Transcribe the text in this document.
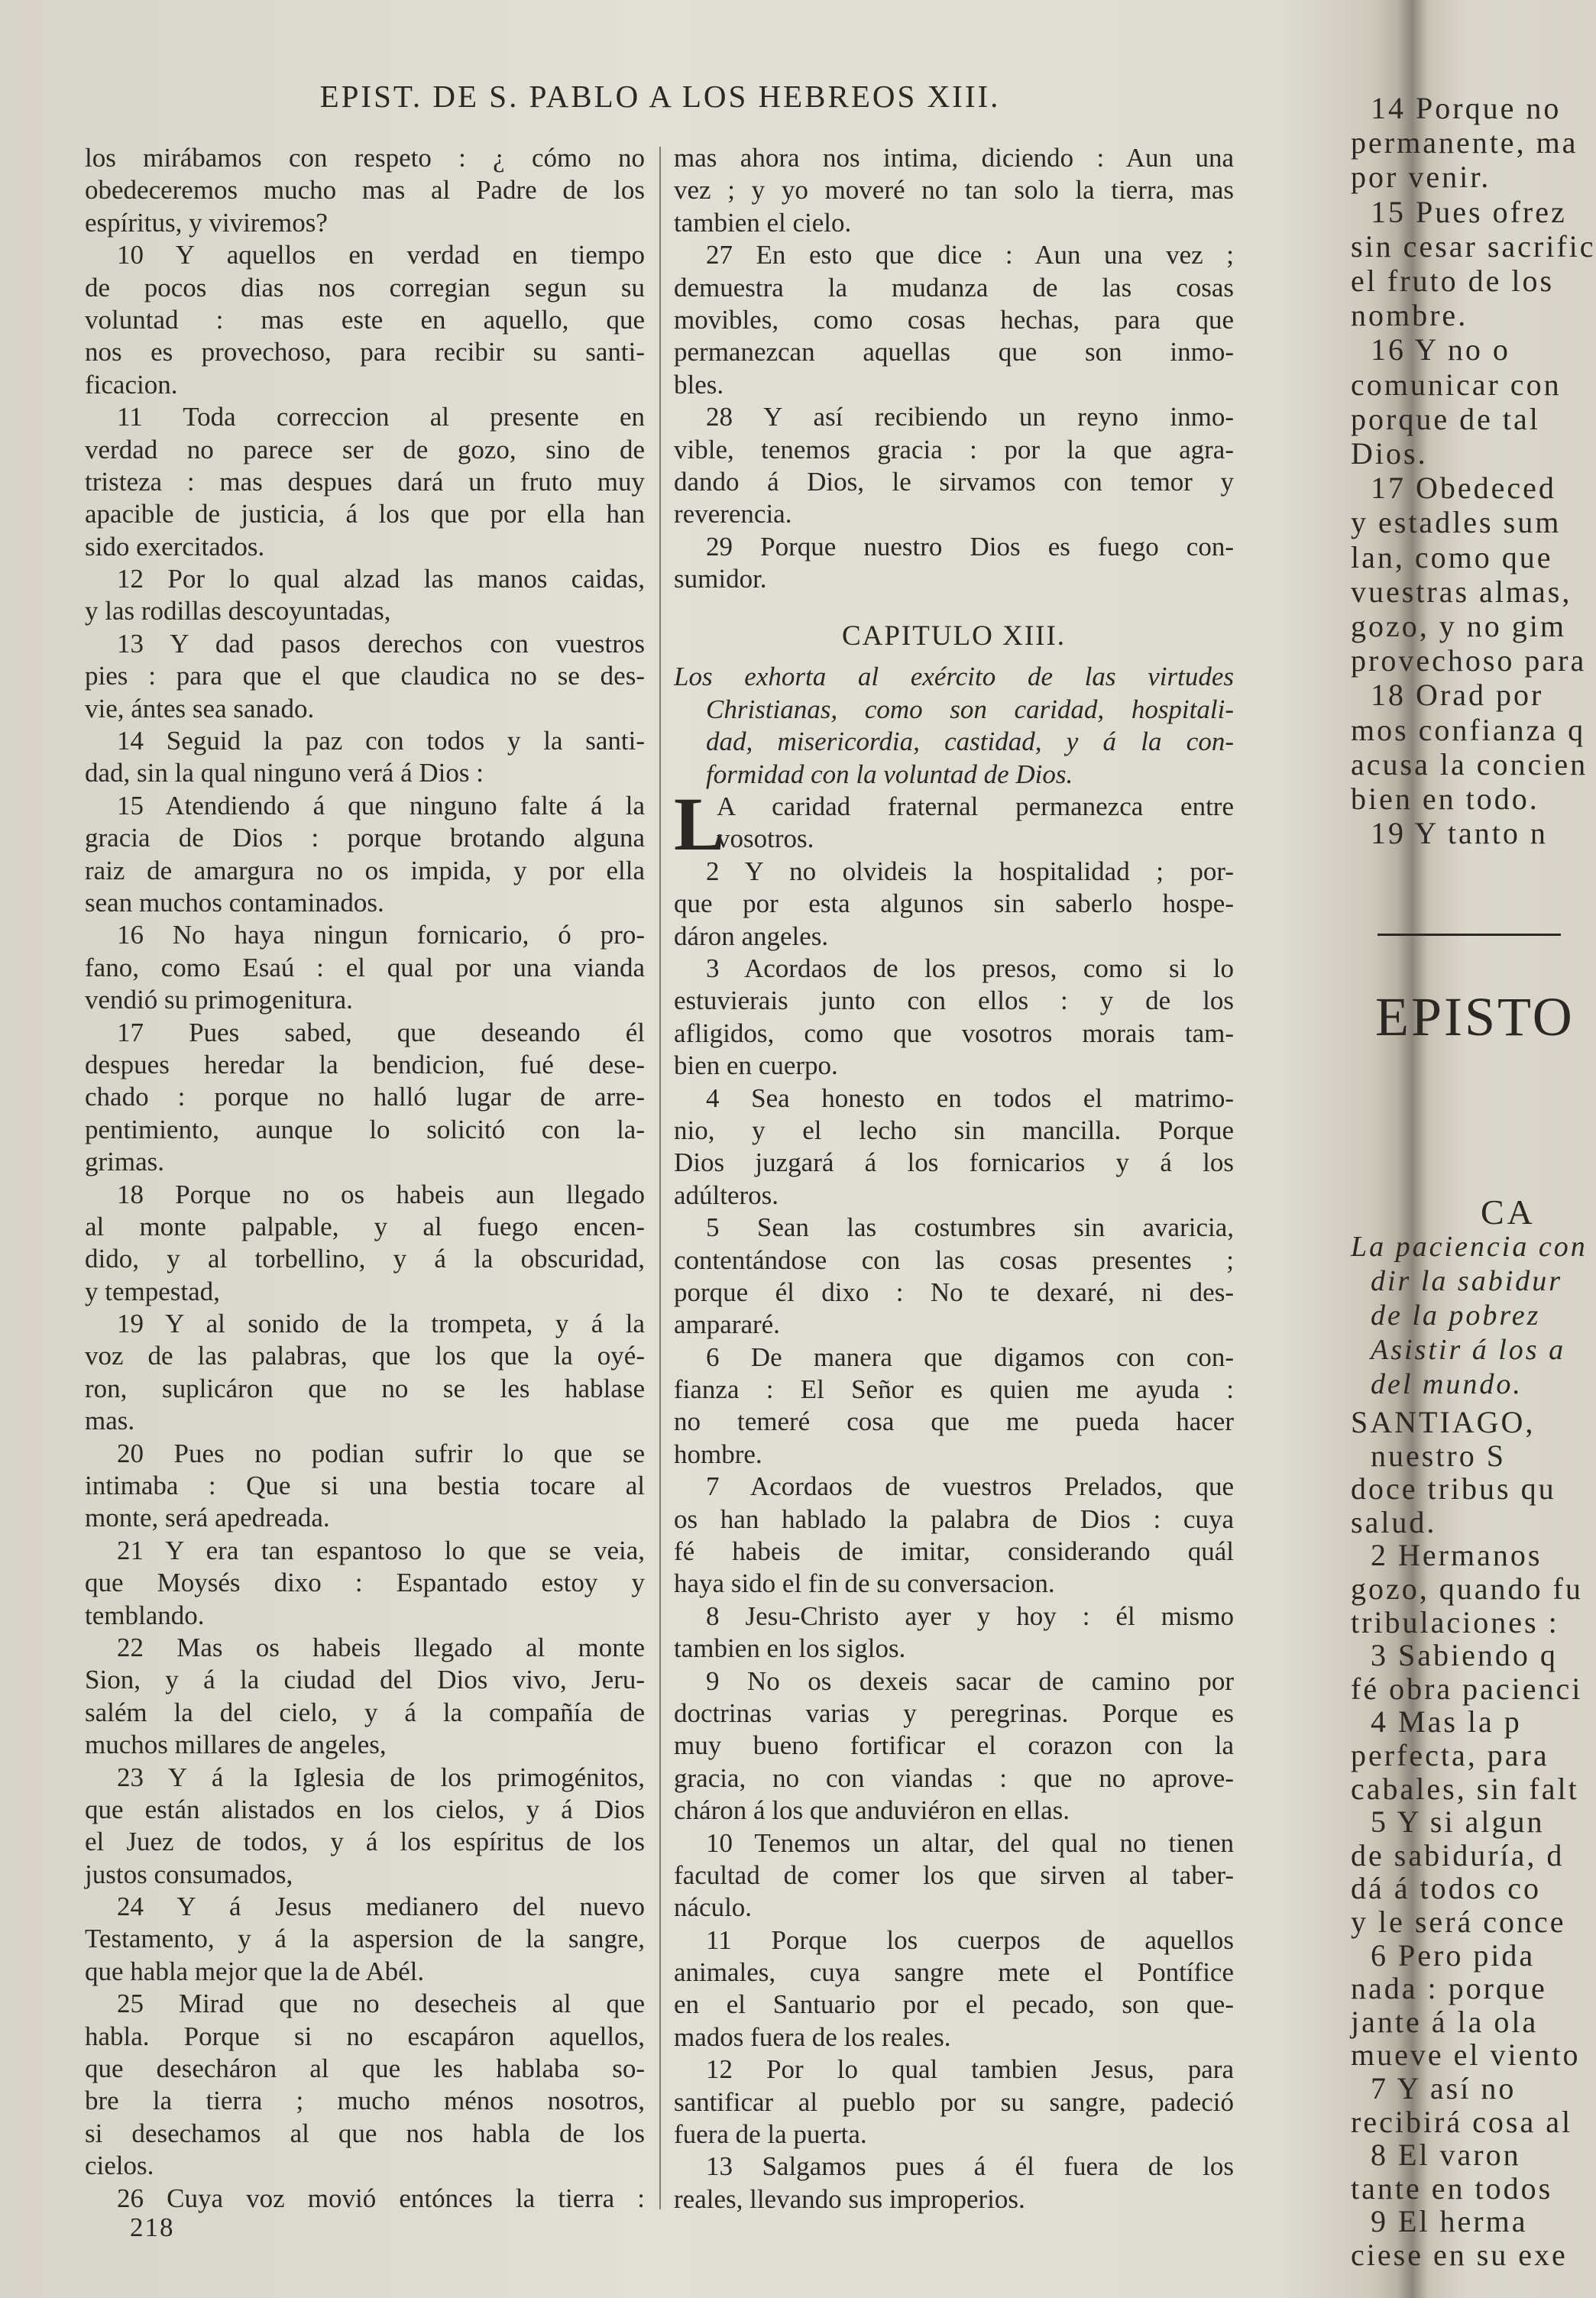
EPIST. DE S. PABLO A LOS HEBREOS XIII.
los mirábamos con respeto : ¿ cómo no
obedeceremos mucho mas al Padre de los
espíritus, y viviremos?
10 Y aquellos en verdad en tiempo
de pocos dias nos corregian segun su
voluntad : mas este en aquello, que
nos es provechoso, para recibir su santi-
ficacion.
11 Toda correccion al presente en
verdad no parece ser de gozo, sino de
tristeza : mas despues dará un fruto muy
apacible de justicia, á los que por ella han
sido exercitados.
12 Por lo qual alzad las manos caidas,
y las rodillas descoyuntadas,
13 Y dad pasos derechos con vuestros
pies : para que el que claudica no se des-
vie, ántes sea sanado.
14 Seguid la paz con todos y la santi-
dad, sin la qual ninguno verá á Dios :
15 Atendiendo á que ninguno falte á la
gracia de Dios : porque brotando alguna
raiz de amargura no os impida, y por ella
sean muchos contaminados.
16 No haya ningun fornicario, ó pro-
fano, como Esaú : el qual por una vianda
vendió su primogenitura.
17 Pues sabed, que deseando él
despues heredar la bendicion, fué dese-
chado : porque no halló lugar de arre-
pentimiento, aunque lo solicitó con la-
grimas.
18 Porque no os habeis aun llegado
al monte palpable, y al fuego encen-
dido, y al torbellino, y á la obscuridad,
y tempestad,
19 Y al sonido de la trompeta, y á la
voz de las palabras, que los que la oyé-
ron, suplicáron que no se les hablase
mas.
20 Pues no podian sufrir lo que se
intimaba : Que si una bestia tocare al
monte, será apedreada.
21 Y era tan espantoso lo que se veia,
que Moysés dixo : Espantado estoy y
temblando.
22 Mas os habeis llegado al monte
Sion, y á la ciudad del Dios vivo, Jeru-
salém la del cielo, y á la compañía de
muchos millares de angeles,
23 Y á la Iglesia de los primogénitos,
que están alistados en los cielos, y á Dios
el Juez de todos, y á los espíritus de los
justos consumados,
24 Y á Jesus medianero del nuevo
Testamento, y á la aspersion de la sangre,
que habla mejor que la de Abél.
25 Mirad que no desecheis al que
habla. Porque si no escapáron aquellos,
que desecháron al que les hablaba so-
bre la tierra ; mucho ménos nosotros,
si desechamos al que nos habla de los
cielos.
26 Cuya voz movió entónces la tierra :
mas ahora nos intima, diciendo : Aun una
vez ; y yo moveré no tan solo la tierra, mas
tambien el cielo.
27 En esto que dice : Aun una vez ;
demuestra la mudanza de las cosas
movibles, como cosas hechas, para que
permanezcan aquellas que son inmo-
bles.
28 Y así recibiendo un reyno inmo-
vible, tenemos gracia : por la que agra-
dando á Dios, le sirvamos con temor y
reverencia.
29 Porque nuestro Dios es fuego con-
sumidor.
CAPITULO XIII.
Los exhorta al exército de las virtudes
Christianas, como son caridad, hospitali-
dad, misericordia, castidad, y á la con-
formidad con la voluntad de Dios.
L
A caridad fraternal permanezca entre
vosotros.
2 Y no olvideis la hospitalidad ; por-
que por esta algunos sin saberlo hospe-
dáron angeles.
3 Acordaos de los presos, como si lo
estuvierais junto con ellos : y de los
afligidos, como que vosotros morais tam-
bien en cuerpo.
4 Sea honesto en todos el matrimo-
nio, y el lecho sin mancilla. Porque
Dios juzgará á los fornicarios y á los
adúlteros.
5 Sean las costumbres sin avaricia,
contentándose con las cosas presentes ;
porque él dixo : No te dexaré, ni des-
ampararé.
6 De manera que digamos con con-
fianza : El Señor es quien me ayuda :
no temeré cosa que me pueda hacer
hombre.
7 Acordaos de vuestros Prelados, que
os han hablado la palabra de Dios : cuya
fé habeis de imitar, considerando quál
haya sido el fin de su conversacion.
8 Jesu-Christo ayer y hoy : él mismo
tambien en los siglos.
9 No os dexeis sacar de camino por
doctrinas varias y peregrinas. Porque es
muy bueno fortificar el corazon con la
gracia, no con viandas : que no aprove-
cháron á los que anduviéron en ellas.
10 Tenemos un altar, del qual no tienen
facultad de comer los que sirven al taber-
náculo.
11 Porque los cuerpos de aquellos
animales, cuya sangre mete el Pontífice
en el Santuario por el pecado, son que-
mados fuera de los reales.
12 Por lo qual tambien Jesus, para
santificar al pueblo por su sangre, padeció
fuera de la puerta.
13 Salgamos pues á él fuera de los
reales, llevando sus improperios.
218
EPISTO
CA
14 Porque no
permanente, ma
por venir.
15 Pues ofrez
sin cesar sacrific
el fruto de los
nombre.
16 Y no o
comunicar con
porque de tal
Dios.
17 Obedeced
y estadles sum
lan, como que
vuestras almas,
gozo, y no gim
provechoso para
18 Orad por
mos confianza q
acusa la concien
bien en todo.
19 Y tanto n
La paciencia con
dir la sabidur
de la pobrez
Asistir á los a
del mundo.
SANTIAGO,
nuestro S
doce tribus qu
salud.
2 Hermanos
gozo, quando fu
tribulaciones :
3 Sabiendo q
fé obra pacienci
4 Mas la p
perfecta, para
cabales, sin falt
5 Y si algun
de sabiduría, d
dá á todos co
y le será conce
6 Pero pida
nada : porque
jante á la ola
mueve el viento
7 Y así no
recibirá cosa al
8 El varon
tante en todos
9 El herma
ciese en su exe
